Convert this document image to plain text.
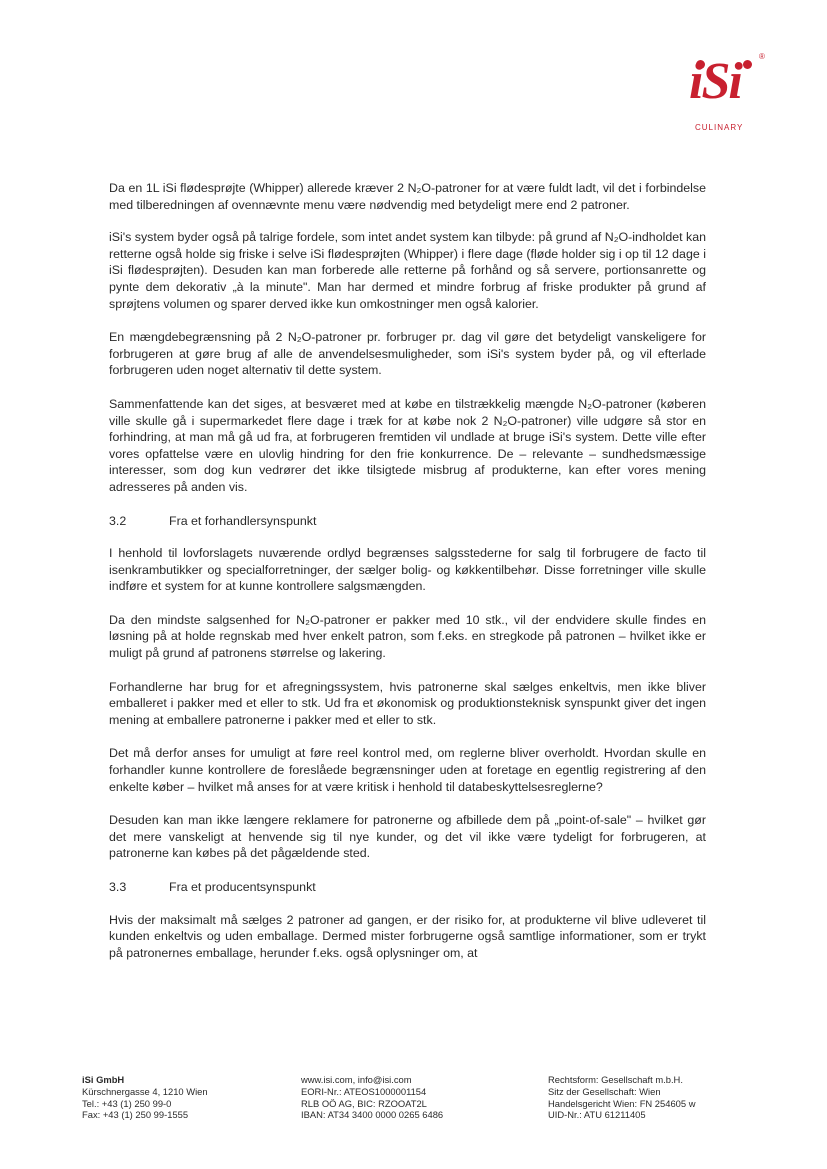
iSi ®
CULINARY

Da en 1L iSi flødesprøjte (Whipper) allerede kræver 2 N₂O-patroner for at være fuldt ladt, vil det i forbindelse med tilberedningen af ovennævnte menu være nødvendig med betydeligt mere end 2 patroner.

iSi's system byder også på talrige fordele, som intet andet system kan tilbyde: på grund af N₂O-indholdet kan retterne også holde sig friske i selve iSi flødesprøjten (Whipper) i flere dage (fløde holder sig i op til 12 dage i iSi flødesprøjten). Desuden kan man forberede alle retterne på forhånd og så servere, portionsanrette og pynte dem dekorativ „à la minute". Man har dermed et mindre forbrug af friske produkter på grund af sprøjtens volumen og sparer derved ikke kun omkostninger men også kalorier.

En mængdebegrænsning på 2 N₂O-patroner pr. forbruger pr. dag vil gøre det betydeligt vanskeligere for forbrugeren at gøre brug af alle de anvendelsesmuligheder, som iSi's system byder på, og vil efterlade forbrugeren uden noget alternativ til dette system.

Sammenfattende kan det siges, at besværet med at købe en tilstrækkelig mængde N₂O-patroner (køberen ville skulle gå i supermarkedet flere dage i træk for at købe nok 2 N₂O-patroner) ville udgøre så stor en forhindring, at man må gå ud fra, at forbrugeren fremtiden vil undlade at bruge iSi's system. Dette ville efter vores opfattelse være en ulovlig hindring for den frie konkurrence. De – relevante – sundhedsmæssige interesser, som dog kun vedrører det ikke tilsigtede misbrug af produkterne, kan efter vores mening adresseres på anden vis.

3.2	Fra et forhandlersynspunkt

I henhold til lovforslagets nuværende ordlyd begrænses salgsstederne for salg til forbrugere de facto til isenkrambutikker og specialforretninger, der sælger bolig- og køkkentilbehør. Disse forretninger ville skulle indføre et system for at kunne kontrollere salgsmængden.

Da den mindste salgsenhed for N₂O-patroner er pakker med 10 stk., vil der endvidere skulle findes en løsning på at holde regnskab med hver enkelt patron, som f.eks. en stregkode på patronen – hvilket ikke er muligt på grund af patronens størrelse og lakering.

Forhandlerne har brug for et afregningssystem, hvis patronerne skal sælges enkeltvis, men ikke bliver emballeret i pakker med et eller to stk. Ud fra et økonomisk og produktionsteknisk synspunkt giver det ingen mening at emballere patronerne i pakker med et eller to stk.

Det må derfor anses for umuligt at føre reel kontrol med, om reglerne bliver overholdt. Hvordan skulle en forhandler kunne kontrollere de foreslåede begrænsninger uden at foretage en egentlig registrering af den enkelte køber – hvilket må anses for at være kritisk i henhold til databeskyttelsesreglerne?

Desuden kan man ikke længere reklamere for patronerne og afbillede dem på „point-of-sale" – hvilket gør det mere vanskeligt at henvende sig til nye kunder, og det vil ikke være tydeligt for forbrugeren, at patronerne kan købes på det pågældende sted.

3.3	Fra et producentsynspunkt

Hvis der maksimalt må sælges 2 patroner ad gangen, er der risiko for, at produkterne vil blive udleveret til kunden enkeltvis og uden emballage. Dermed mister forbrugerne også samtlige informationer, som er trykt på patronernes emballage, herunder f.eks. også oplysninger om, at

iSi GmbH
Kürschnergasse 4, 1210 Wien
Tel.: +43 (1) 250 99-0
Fax: +43 (1) 250 99-1555
www.isi.com, info@isi.com
EORI-Nr.: ATEOS1000001154
RLB OÖ AG, BIC: RZOOAT2L
IBAN: AT34 3400 0000 0265 6486
Rechtsform: Gesellschaft m.b.H.
Sitz der Gesellschaft: Wien
Handelsgericht Wien: FN 254605 w
UID-Nr.: ATU 61211405
